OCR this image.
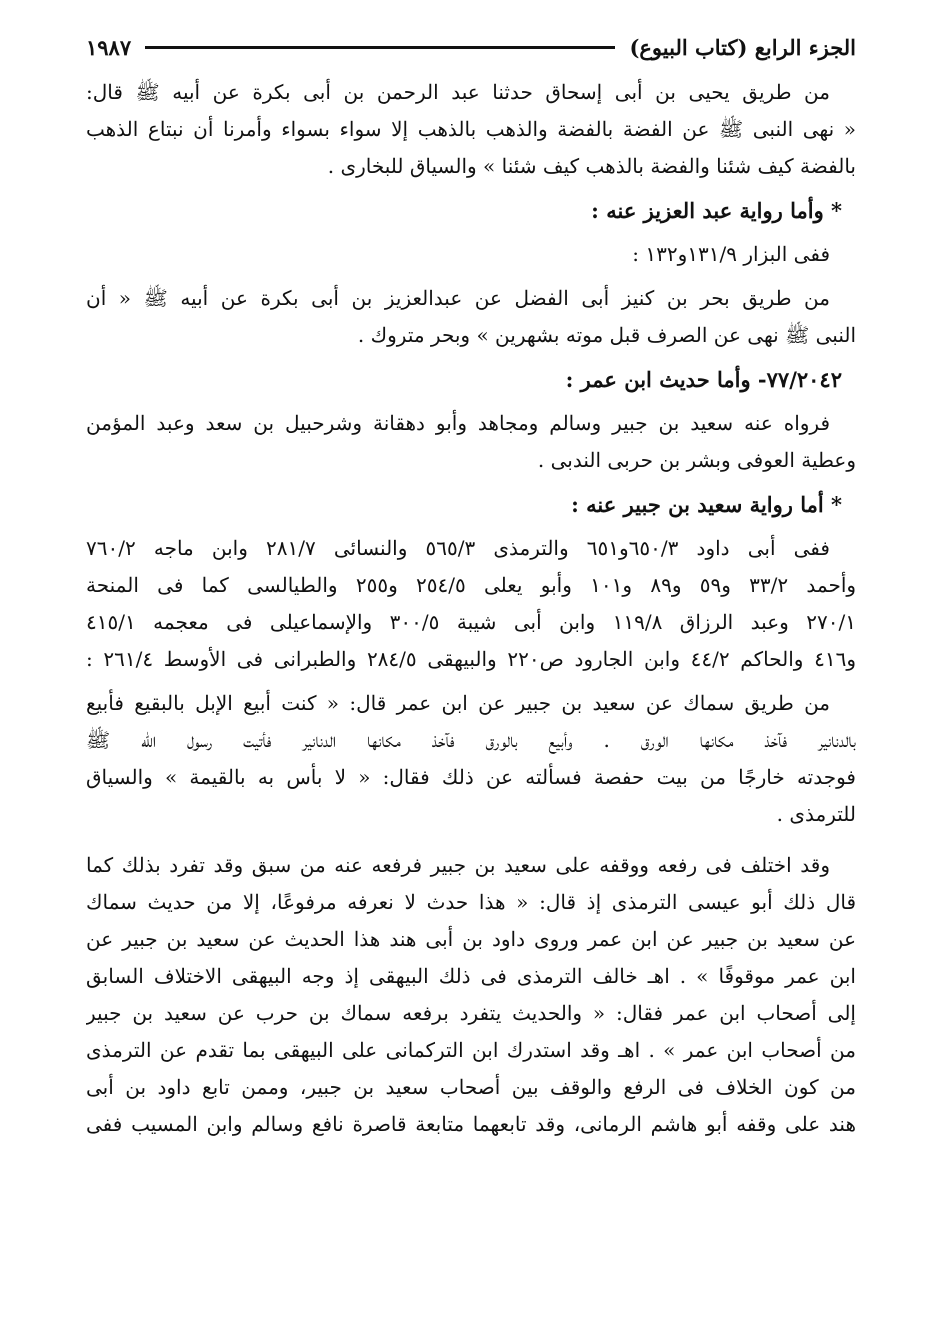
الجزء الرابع (كتاب البيوع)
١٩٨٧
من طريق يحيى بن أبى إسحاق حدثنا عبد الرحمن بن أبى بكرة عن أبيه ﷺ قال:
« نهى النبى ﷺ عن الفضة بالفضة والذهب بالذهب إلا سواء بسواء وأمرنا أن نبتاع الذهب
بالفضة كيف شئنا والفضة بالذهب كيف شئنا » والسياق للبخارى .
* وأما رواية عبد العزيز عنه :
ففى البزار ١٣١/٩و١٣٢ :
من طريق بحر بن كنيز أبى الفضل عن عبدالعزيز بن أبى بكرة عن أبيه ﷺ « أن
النبى ﷺ نهى عن الصرف قبل موته بشهرين » وبحر متروك .
٧٧/٢٠٤٢- وأما حديث ابن عمر :
فرواه عنه سعيد بن جبير وسالم ومجاهد وأبو دهقانة وشرحبيل بن سعد وعبد المؤمن
وعطية العوفى وبشر بن حربى الندبى .
* أما رواية سعيد بن جبير عنه :
ففى أبى داود ٦٥٠/٣و٦٥١ والترمذى ٥٦٥/٣ والنسائى ٢٨١/٧ وابن ماجه ٧٦٠/٢
وأحمد ٣٣/٢ و٥٩ و٨٩ و١٠١ وأبو يعلى ٢٥٤/٥ و٢٥٥ والطيالسى كما فى المنحة
٢٧٠/١ وعبد الرزاق ١١٩/٨ وابن أبى شيبة ٣٠٠/٥ والإسماعيلى فى معجمه ٤١٥/١
و٤١٦ والحاكم ٤٤/٢ وابن الجارود ص٢٢٠ والبيهقى ٢٨٤/٥ والطبرانى فى الأوسط ٢٦١/٤ :
من طريق سماك عن سعيد بن جبير عن ابن عمر قال: « كنت أبيع الإبل بالبقيع فأبيع
بالدنانير فآخذ مكانها الورق . وأبيع بالورق فآخذ مكانها الدنانير فأتيت رسول الله ﷺ
فوجدته خارجًا من بيت حفصة فسألته عن ذلك فقال: « لا بأس به بالقيمة » والسياق
للترمذى .
وقد اختلف فى رفعه ووقفه على سعيد بن جبير فرفعه عنه من سبق وقد تفرد بذلك كما
قال ذلك أبو عيسى الترمذى إذ قال: « هذا حدث لا نعرفه مرفوعًا، إلا من حديث سماك
عن سعيد بن جبير عن ابن عمر وروى داود بن أبى هند هذا الحديث عن سعيد بن جبير عن
ابن عمر موقوفًا » . اهـ خالف الترمذى فى ذلك البيهقى إذ وجه البيهقى الاختلاف السابق
إلى أصحاب ابن عمر فقال: « والحديث يتفرد برفعه سماك بن حرب عن سعيد بن جبير
من أصحاب ابن عمر » . اهـ وقد استدرك ابن التركمانى على البيهقى بما تقدم عن الترمذى
من كون الخلاف فى الرفع والوقف بين أصحاب سعيد بن جبير، وممن تابع داود بن أبى
هند على وقفه أبو هاشم الرمانى، وقد تابعهما متابعة قاصرة نافع وسالم وابن المسيب ففى
